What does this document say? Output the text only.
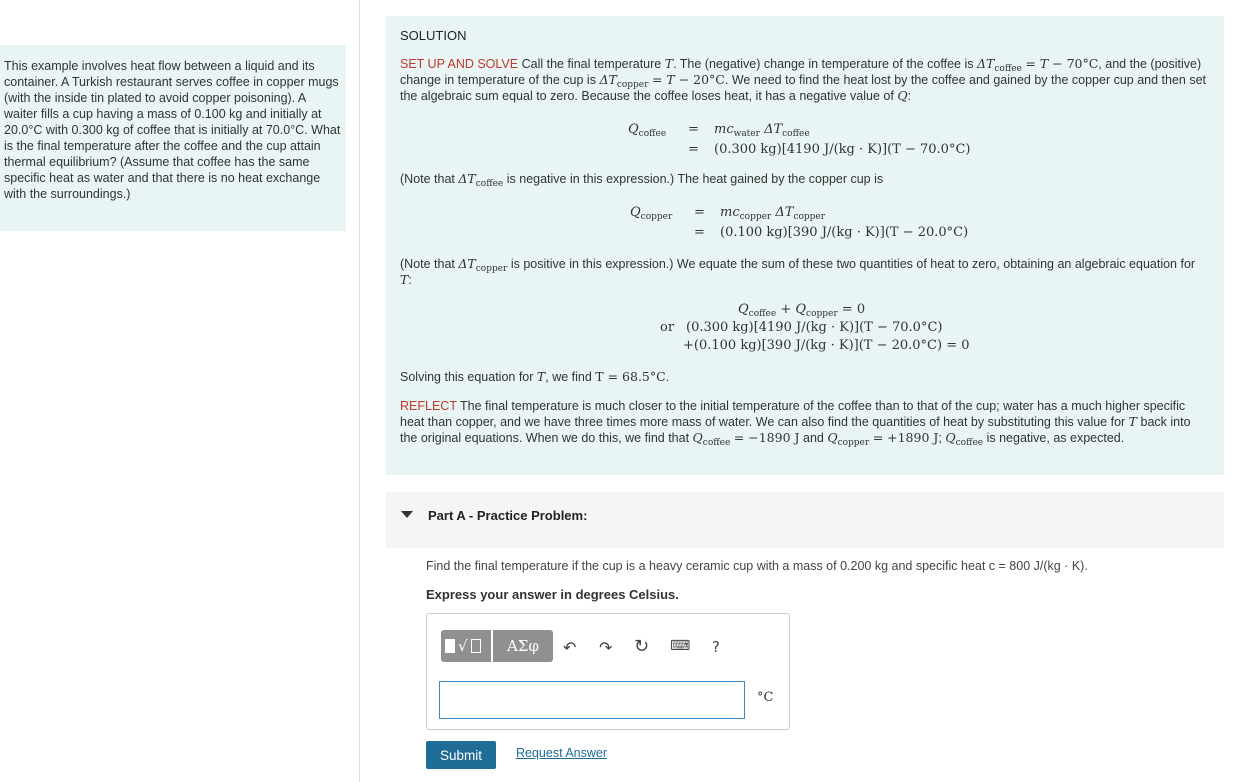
This example involves heat flow between a liquid and its container. A Turkish restaurant serves coffee in copper mugs (with the inside tin plated to avoid copper poisoning). A waiter fills a cup having a mass of 0.100 kg and initially at 20.0°C with 0.300 kg of coffee that is initially at 70.0°C. What is the final temperature after the coffee and the cup attain thermal equilibrium? (Assume that coffee has the same specific heat as water and that there is no heat exchange with the surroundings.)
SOLUTION
SET UP AND SOLVE Call the final temperature T. The (negative) change in temperature of the coffee is $\Delta T_{coffee} = T - 70^\circ C$, and the (positive) change in temperature of the cup is $\Delta T_{copper} = T - 20^\circ C$. We need to find the heat lost by the coffee and gained by the copper cup and then set the algebraic sum equal to zero. Because the coffee loses heat, it has a negative value of Q:
$Q_{coffee} = mc_{water}$ $\Delta T_{coffee}$
= (0.300 kg)[4190 J/(kg · K)](T − 70.0°C)
(Note that $\Delta T_{coffee}$ is negative in this expression.) The heat gained by the copper cup is
$Q_{copper} = mc_{copper}$ $\Delta T_{copper}$
= (0.100 kg)[390 J/(kg · K)](T − 20.0°C)
(Note that $\Delta T_{copper}$ is positive in this expression.) We equate the sum of these two quantities of heat to zero, obtaining an algebraic equation for T:
$Q_{coffee} + Q_{copper} = 0$
or (0.300 kg)[4190 J/(kg · K)](T − 70.0°C)
+(0.100 kg)[390 J/(kg · K)](T − 20.0°C) = 0
Solving this equation for T, we find T = 68.5°C.
REFLECT The final temperature is much closer to the initial temperature of the coffee than to that of the cup; water has a much higher specific heat than copper, and we have three times more mass of water. We can also find the quantities of heat by substituting this value for T back into the original equations. When we do this, we find that $Q_{coffee} = -1890$ J and $Q_{copper} = +1890$ J; $Q_{coffee}$ is negative, as expected.
Part A - Practice Problem:
Find the final temperature if the cup is a heavy ceramic cup with a mass of 0.200 kg and specific heat c = 800 J/(kg · K).
Express your answer in degrees Celsius.
√	ΑΣφ	↶ ↷ ↻ ⌨ ?
°C
Submit	Request Answer
